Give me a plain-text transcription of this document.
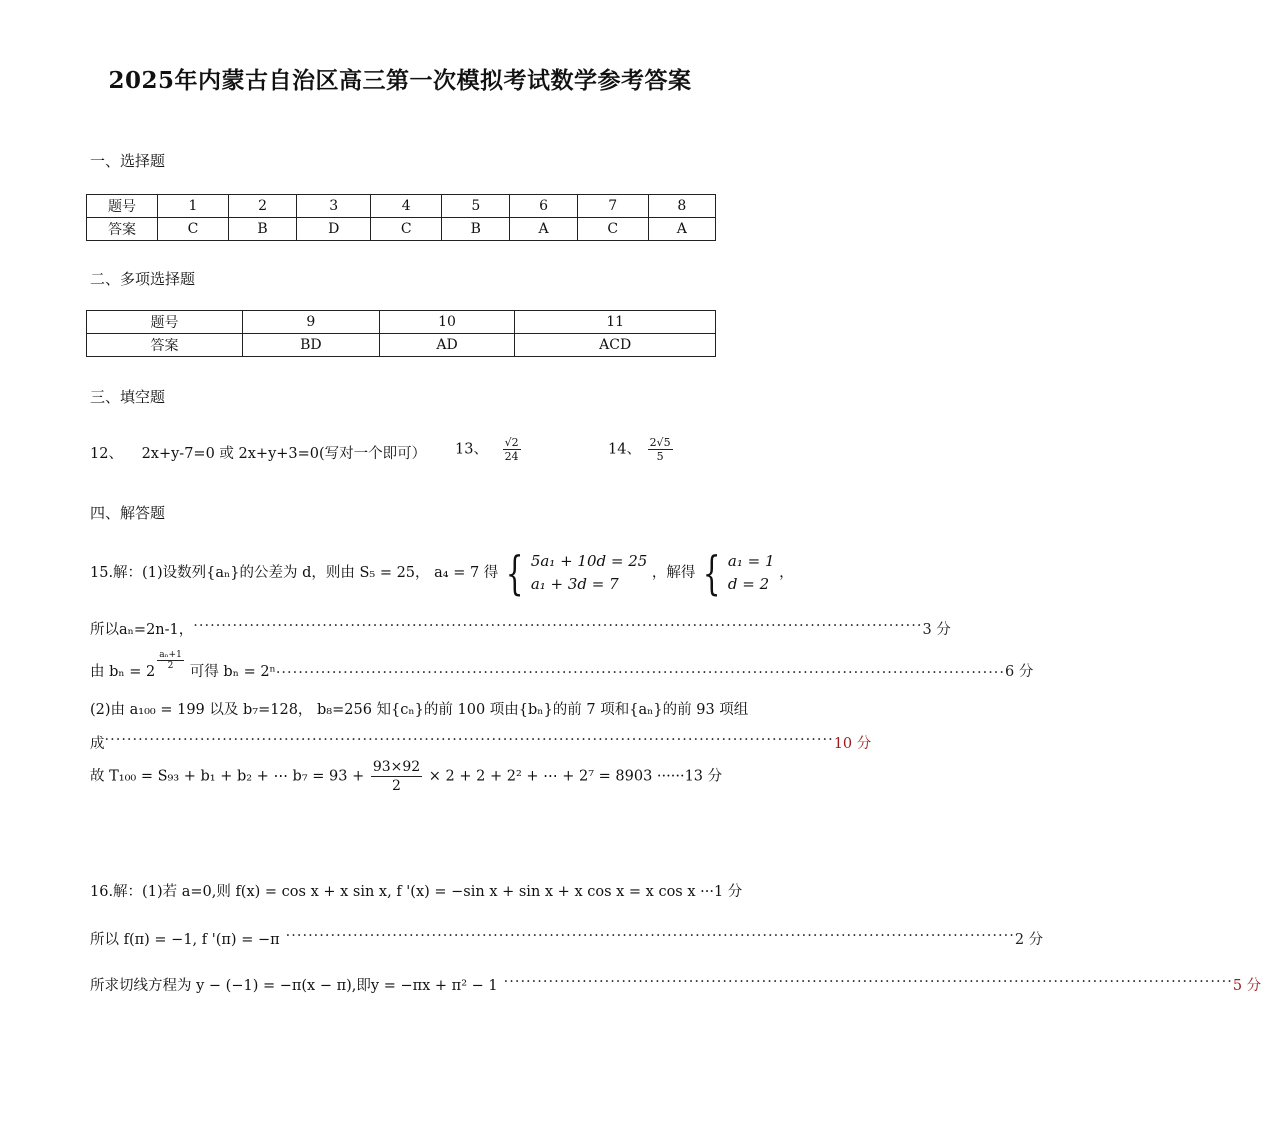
2025年内蒙古自治区高三第一次模拟考试数学参考答案
一、选择题
题号	1	2	3	4	5	6	7	8
答案	C	B	D	C	B	A	C	A
二、多项选择题
题号	9	10	11
答案	BD	AD	ACD
三、填空题
12、 2x+y-7=0 或 2x+y+3=0(写对一个即可） 13、 $\frac{√2}{24}$	14、 $\frac{2√5}{5}$
四、解答题
15.解：(1)设数列{aₙ}的公差为 d，则由 S₅ = 25， a₄ = 7 得 { 5a₁ + 10d = 25
a₁ + 3d = 7
，解得 { a₁ = 1
d = 2
，
所以aₙ=2n-1， ·································································································································· 3 分
由 bₙ = 2
$\frac{\text{aₙ+1}}{2}$
可得 bₙ = 2ⁿ ·································································································································· 6 分
(2)由 a₁₀₀ = 199 以及 b₇=128， b₈=256 知{cₙ}的前 100 项由{bₙ}的前 7 项和{aₙ}的前 93 项组
成 ·································································································································· 10 分
故 T₁₀₀ = S₉₃ + b₁ + b₂ + ⋯ $b_7 = 93 + \frac{93\times 92}{2} \times 2 + 2 + 2^2$ + ⋯ + 2⁷ = 8903 ······13 分
16.解：(1)若 a=0,则 f(x) = cos x + x sin x, f '(x) = −sin x + sin x + x cos x = x cos x ···1 分
所以 f(π) = −1, f '(π) = −π ·································································································································· 2 分
所求切线方程为 y − (−1) = −π(x − π),即y = −πx + π² − 1 ·································································································································· 5 分
